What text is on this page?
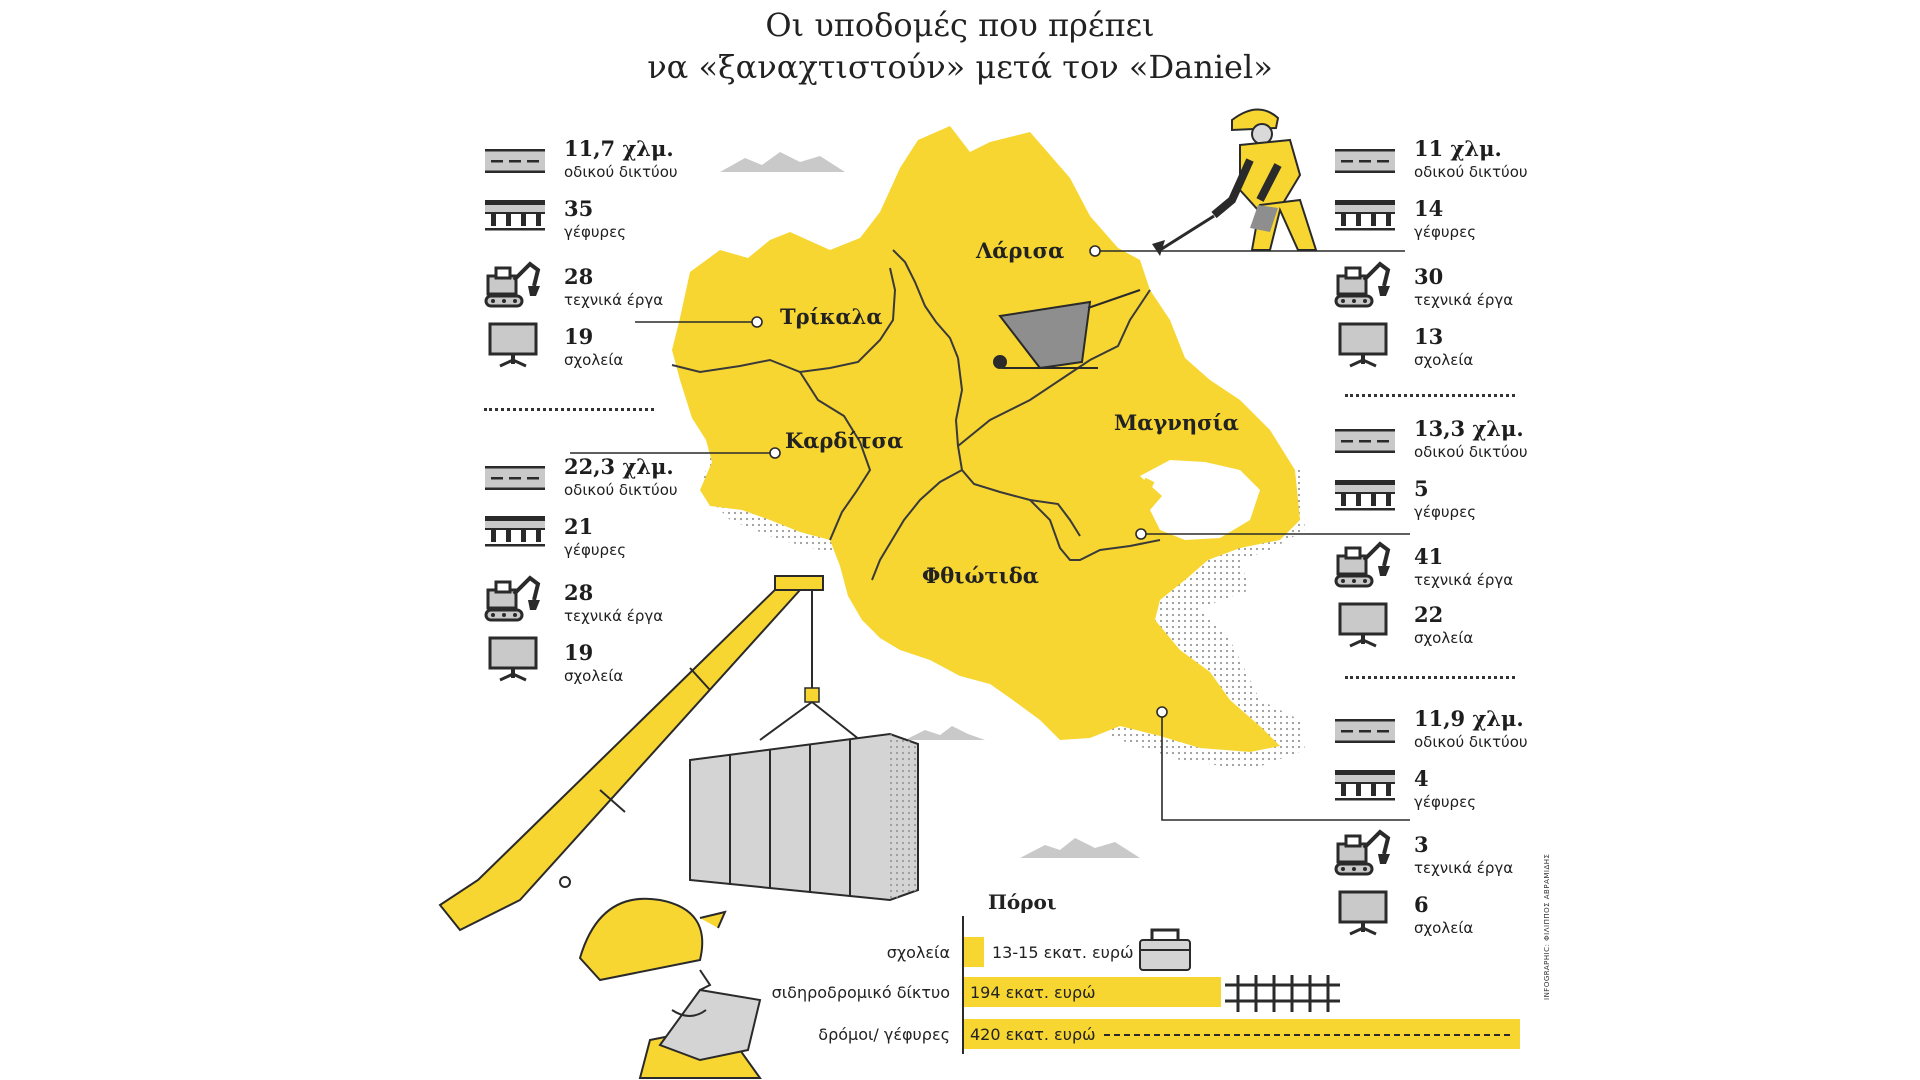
Οι υποδομές που πρέπει
να «ξαναχτιστούν» μετά τον «Daniel»
Λάρισα
Τρίκαλα
Καρδίτσα
Μαγνησία
Φθιώτιδα
11,7 χλμ.
οδικού δικτύου
35
γέφυρες
28
τεχνικά έργα
19
σχολεία
22,3 χλμ.
οδικού δικτύου
21
γέφυρες
28
τεχνικά έργα
19
σχολεία
11 χλμ.
οδικού δικτύου
14
γέφυρες
30
τεχνικά έργα
13
σχολεία
13,3 χλμ.
οδικού δικτύου
5
γέφυρες
41
τεχνικά έργα
22
σχολεία
11,9 χλμ.
οδικού δικτύου
4
γέφυρες
3
τεχνικά έργα
6
σχολεία
Πόροι
σχολεία	13-15 εκατ. ευρώ
σιδηροδρομικό δίκτυο 194 εκατ. ευρώ
δρόμοι/ γέφυρες 420 εκατ. ευρώ
INFOGRAPHIC: ΦΙΛΙΠΠΟΣ ΑΒΡΑΜΙΔΗΣ
